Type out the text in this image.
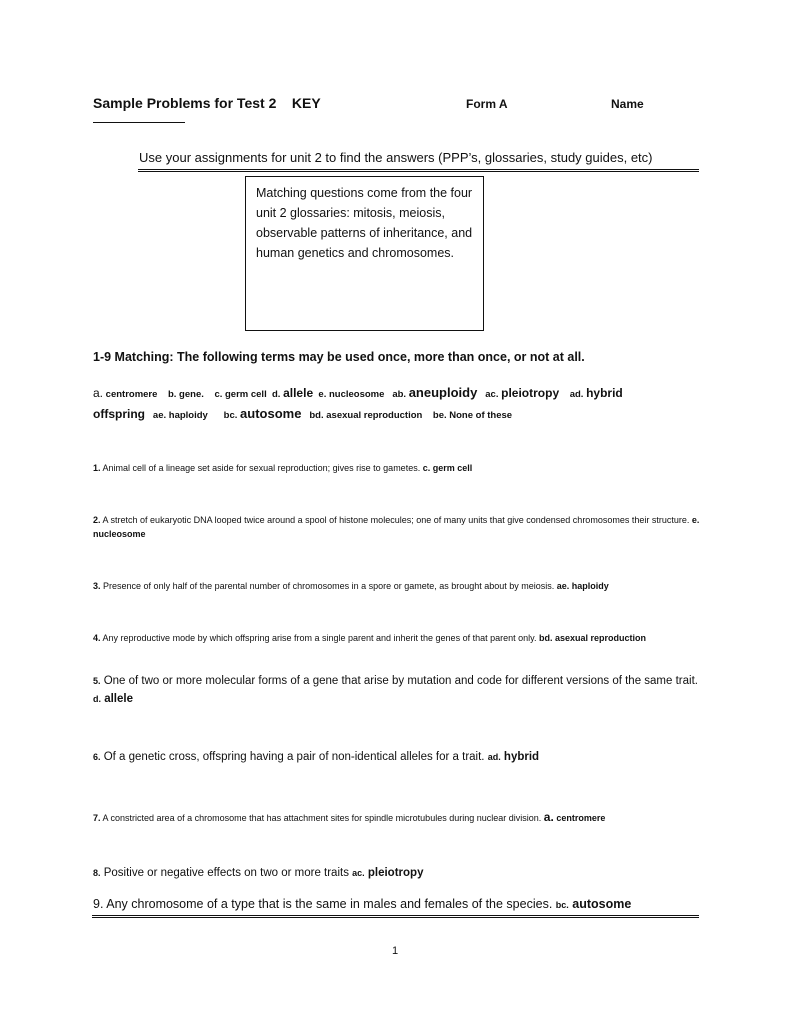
Sample Problems for Test 2    KEY	Form A	Name
Use your assignments for unit 2 to find the answers (PPP’s, glossaries, study guides, etc)
Matching questions come from the four unit 2 glossaries: mitosis, meiosis, observable patterns of inheritance, and human genetics and chromosomes.
1-9 Matching: The following terms may be used once, more than once, or not at all.
a. centromere b. gene. c. germ cell d. allele e. nucleosome ab. aneuploidy ac. pleiotropy ad. hybrid
offspring ae. haploidy bc. autosome bd. asexual reproduction be. None of these
1. Animal cell of a lineage set aside for sexual reproduction; gives rise to gametes. c. germ cell
2. A stretch of eukaryotic DNA looped twice around a spool of histone molecules; one of many units that give condensed chromosomes their structure. e. nucleosome
3. Presence of only half of the parental number of chromosomes in a spore or gamete, as brought about by meiosis. ae. haploidy
4. Any reproductive mode by which offspring arise from a single parent and inherit the genes of that parent only. bd. asexual reproduction
5. One of two or more molecular forms of a gene that arise by mutation and code for different versions of the same trait. d. allele
6. Of a genetic cross, offspring having a pair of non-identical alleles for a trait. ad. hybrid
7. A constricted area of a chromosome that has attachment sites for spindle microtubules during nuclear division. a. centromere
8. Positive or negative effects on two or more traits ac. pleiotropy
9. Any chromosome of a type that is the same in males and females of the species. bc. autosome
1
